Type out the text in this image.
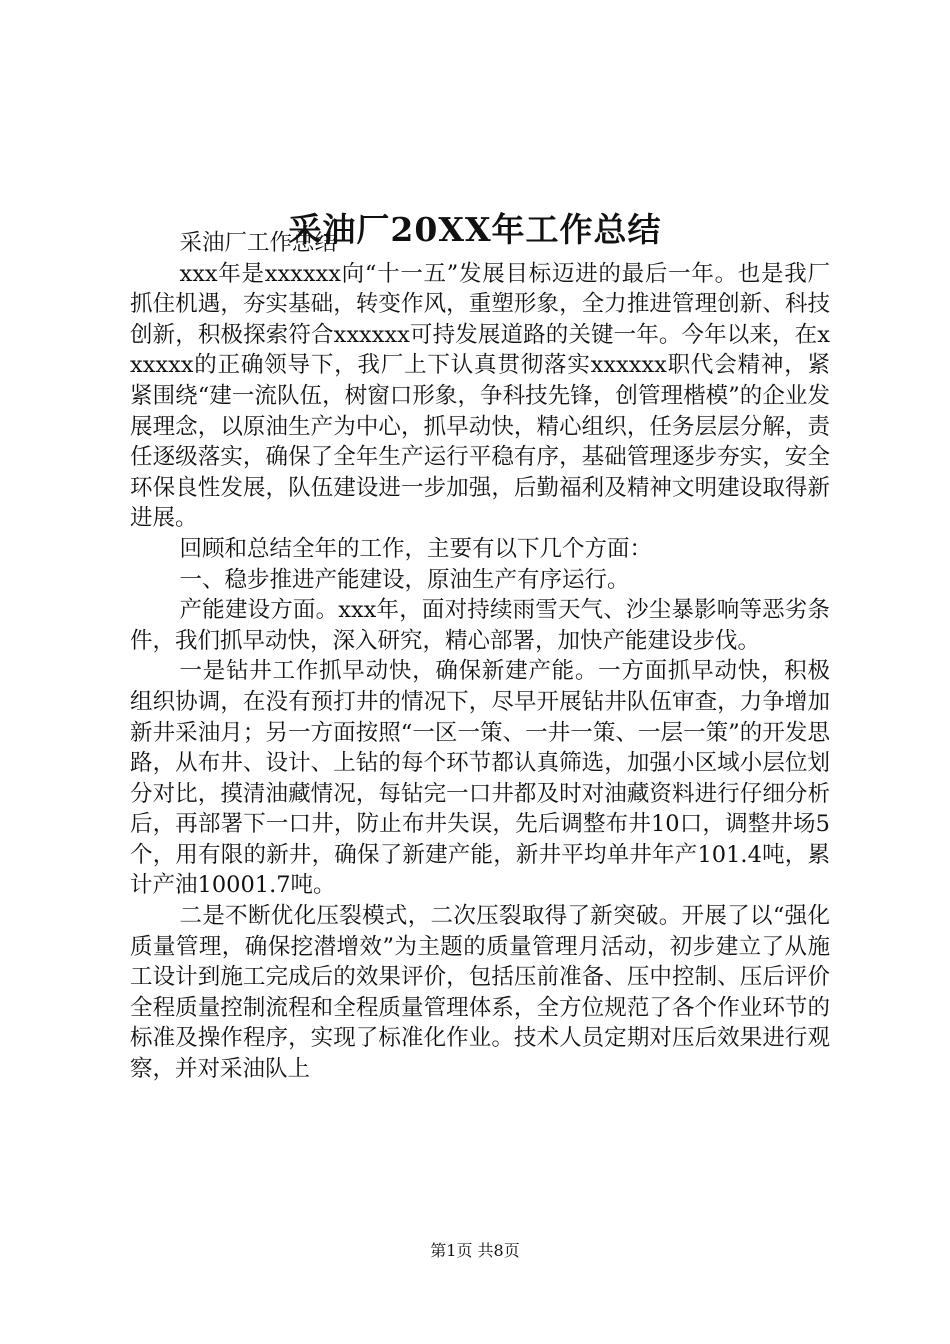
采油厂20XX年工作总结

采油厂工作总结

xxx年是xxxxxx向“十一五”发展目标迈进的最后一年。也是我厂抓住机遇，夯实基础，转变作风，重塑形象，全力推进管理创新、科技创新，积极探索符合xxxxxx可持发展道路的关键一年。今年以来，在xxxxxx的正确领导下，我厂上下认真贯彻落实xxxxxx职代会精神，紧紧围绕“建一流队伍，树窗口形象，争科技先锋，创管理楷模”的企业发展理念，以原油生产为中心，抓早动快，精心组织，任务层层分解，责任逐级落实，确保了全年生产运行平稳有序，基础管理逐步夯实，安全环保良性发展，队伍建设进一步加强，后勤福利及精神文明建设取得新进展。

回顾和总结全年的工作，主要有以下几个方面：

一、稳步推进产能建设，原油生产有序运行。

产能建设方面。xxx年，面对持续雨雪天气、沙尘暴影响等恶劣条件，我们抓早动快，深入研究，精心部署，加快产能建设步伐。

一是钻井工作抓早动快，确保新建产能。一方面抓早动快，积极组织协调，在没有预打井的情况下，尽早开展钻井队伍审查，力争增加新井采油月；另一方面按照“一区一策、一井一策、一层一策”的开发思路，从布井、设计、上钻的每个环节都认真筛选，加强小区域小层位划分对比，摸清油藏情况，每钻完一口井都及时对油藏资料进行仔细分析后，再部署下一口井，防止布井失误，先后调整布井10口，调整井场5个，用有限的新井，确保了新建产能，新井平均单井年产101.4吨，累计产油10001.7吨。

二是不断优化压裂模式，二次压裂取得了新突破。开展了以“强化质量管理，确保挖潜增效”为主题的质量管理月活动，初步建立了从施工设计到施工完成后的效果评价，包括压前准备、压中控制、压后评价全程质量控制流程和全程质量管理体系，全方位规范了各个作业环节的标准及操作程序，实现了标准化作业。技术人员定期对压后效果进行观察，并对采油队上

第1页 共8页
